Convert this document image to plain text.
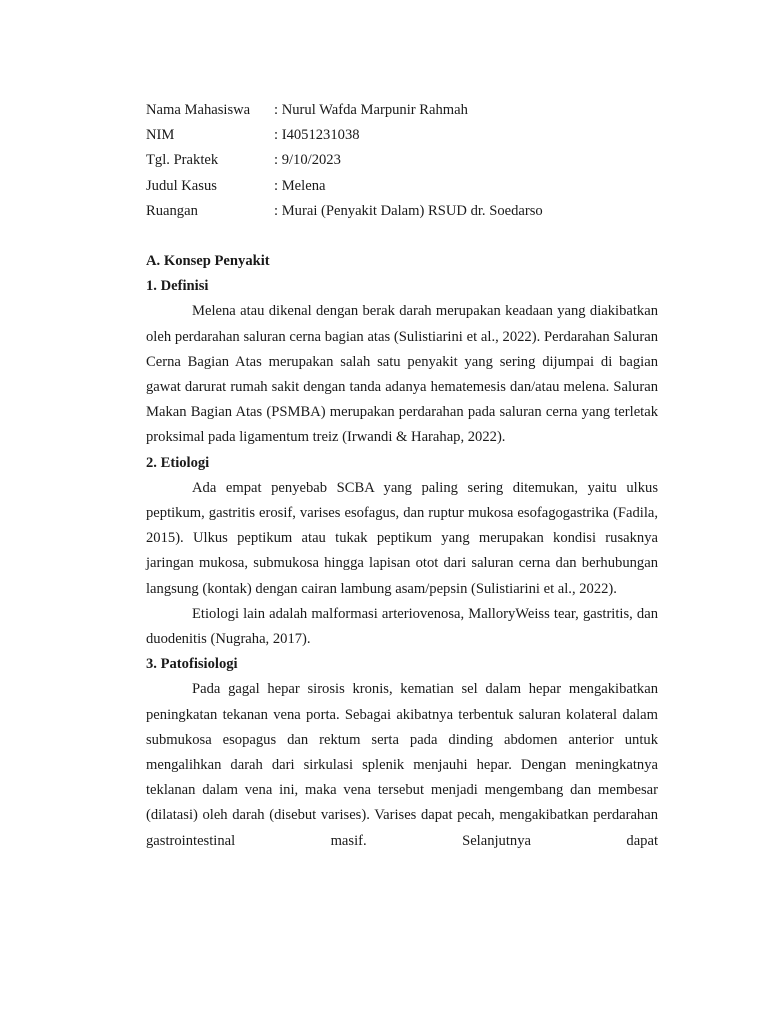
Nama Mahasiswa	: Nurul Wafda Marpunir Rahmah
NIM	: I4051231038
Tgl. Praktek	: 9/10/2023
Judul Kasus	: Melena
Ruangan	: Murai (Penyakit Dalam) RSUD dr. Soedarso
A. Konsep Penyakit
1. Definisi

Melena atau dikenal dengan berak darah merupakan keadaan yang diakibatkan oleh perdarahan saluran cerna bagian atas (Sulistiarini et al., 2022). Perdarahan Saluran Cerna Bagian Atas merupakan salah satu penyakit yang sering dijumpai di bagian gawat darurat rumah sakit dengan tanda adanya hematemesis dan/atau melena. Saluran Makan Bagian Atas (PSMBA) merupakan perdarahan pada saluran cerna yang terletak proksimal pada ligamentum treiz (Irwandi & Harahap, 2022).

2. Etiologi

Ada empat penyebab SCBA yang paling sering ditemukan, yaitu ulkus peptikum, gastritis erosif, varises esofagus, dan ruptur mukosa esofagogastrika (Fadila, 2015). Ulkus peptikum atau tukak peptikum yang merupakan kondisi rusaknya jaringan mukosa, submukosa hingga lapisan otot dari saluran cerna dan berhubungan langsung (kontak) dengan cairan lambung asam/pepsin (Sulistiarini et al., 2022).

Etiologi lain adalah malformasi arteriovenosa, MalloryWeiss tear, gastritis, dan duodenitis (Nugraha, 2017).

3. Patofisiologi

Pada gagal hepar sirosis kronis, kematian sel dalam hepar mengakibatkan peningkatan tekanan vena porta. Sebagai akibatnya terbentuk saluran kolateral dalam submukosa esopagus dan rektum serta pada dinding abdomen anterior untuk mengalihkan darah dari sirkulasi splenik menjauhi hepar. Dengan meningkatnya teklanan dalam vena ini, maka vena tersebut menjadi mengembang dan membesar (dilatasi) oleh darah (disebut varises). Varises dapat pecah, mengakibatkan perdarahan gastrointestinal masif. Selanjutnya dapat
